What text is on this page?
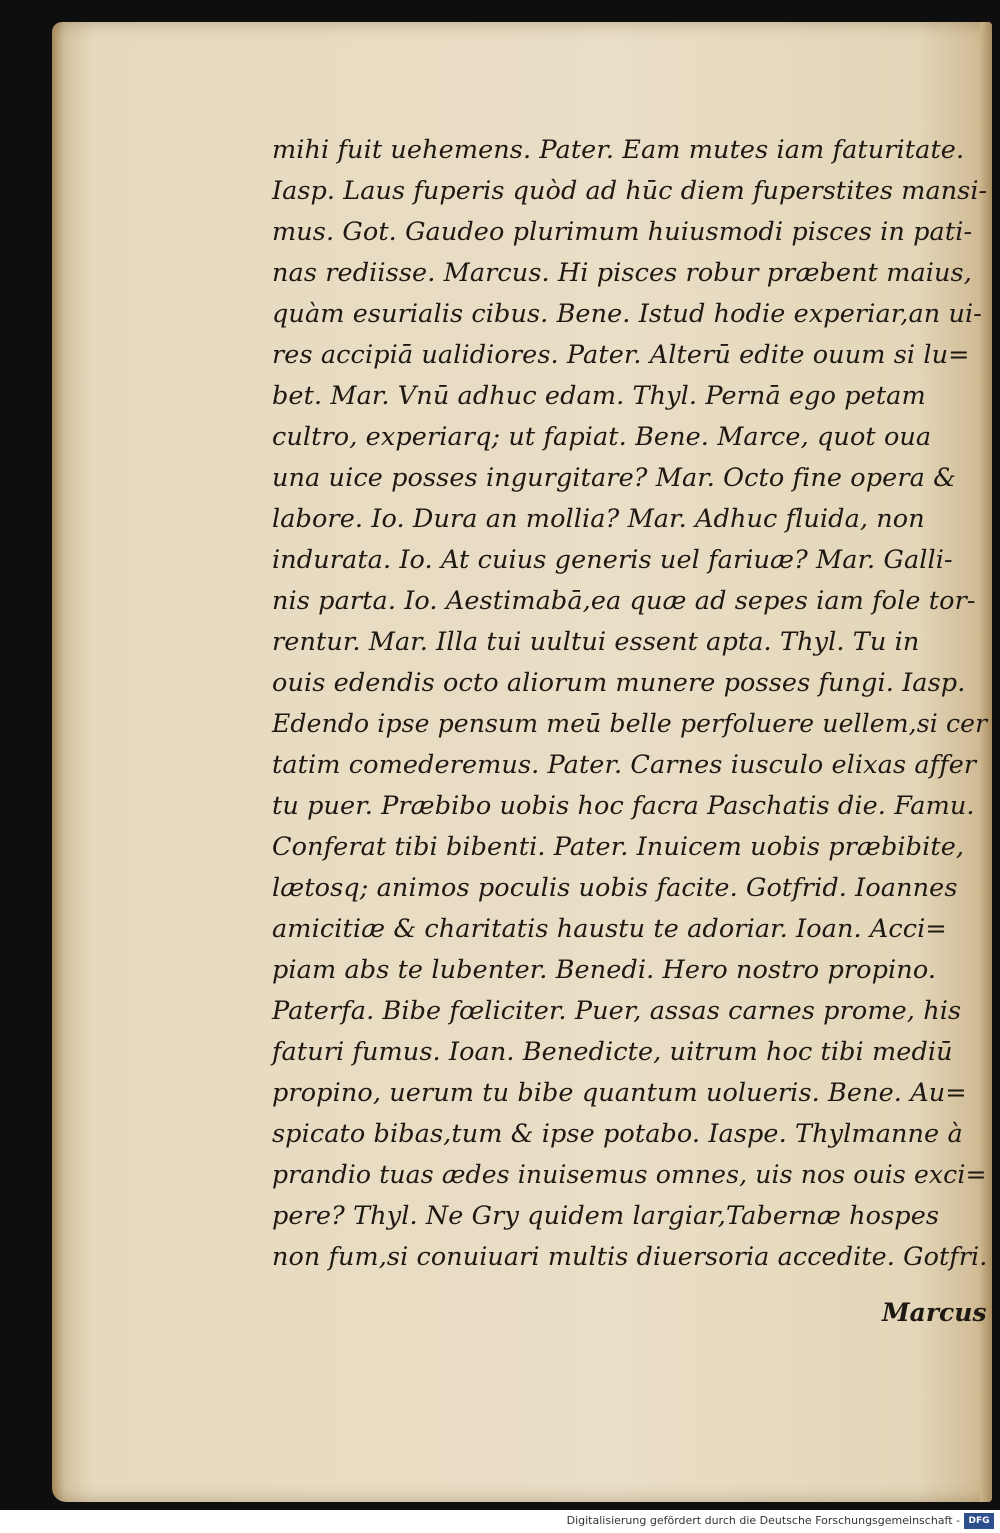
mihi fuit uehemens. Pater. Eam mutes iam faturitate.
Iasp. Laus fuperis quòd ad hūc diem fuperstites mansi-
mus. Got. Gaudeo plurimum huiusmodi pisces in pati-
nas rediisse. Marcus. Hi pisces robur præbent maius,
quàm esurialis cibus. Bene. Istud hodie experiar,an ui-
res accipiā ualidiores. Pater. Alterū edite ouum si lu=
bet. Mar. Vnū adhuc edam. Thyl. Pernā ego petam
cultro, experiarq; ut fapiat. Bene. Marce, quot oua
una uice posses ingurgitare? Mar. Octo fine opera &
labore. Io. Dura an mollia? Mar. Adhuc fluida, non
indurata. Io. At cuius generis uel fariuæ? Mar. Galli-
nis parta. Io. Aestimabā,ea quæ ad sepes iam fole tor-
rentur. Mar. Illa tui uultui essent apta. Thyl. Tu in
ouis edendis octo aliorum munere posses fungi. Iasp.
Edendo ipse pensum meū belle perfoluere uellem,si cer
tatim comederemus. Pater. Carnes iusculo elixas affer
tu puer. Præbibo uobis hoc facra Paschatis die. Famu.
Conferat tibi bibenti. Pater. Inuicem uobis præbibite,
lætosq; animos poculis uobis facite. Gotfrid. Ioannes
amicitiæ & charitatis haustu te adoriar. Ioan. Acci=
piam abs te lubenter. Benedi. Hero nostro propino.
Paterfa. Bibe fœliciter. Puer, assas carnes prome, his
faturi fumus. Ioan. Benedicte, uitrum hoc tibi mediū
propino, uerum tu bibe quantum uolueris. Bene. Au=
spicato bibas,tum & ipse potabo. Iaspe. Thylmanne à
prandio tuas ædes inuisemus omnes, uis nos ouis exci=
pere? Thyl. Ne Gry quidem largiar,Tabernæ hospes
non fum,si conuiuari multis diuersoria accedite. Gotfri.
Marcus
Digitalisierung gefördert durch die Deutsche Forschungsgemeinschaft - DFG
